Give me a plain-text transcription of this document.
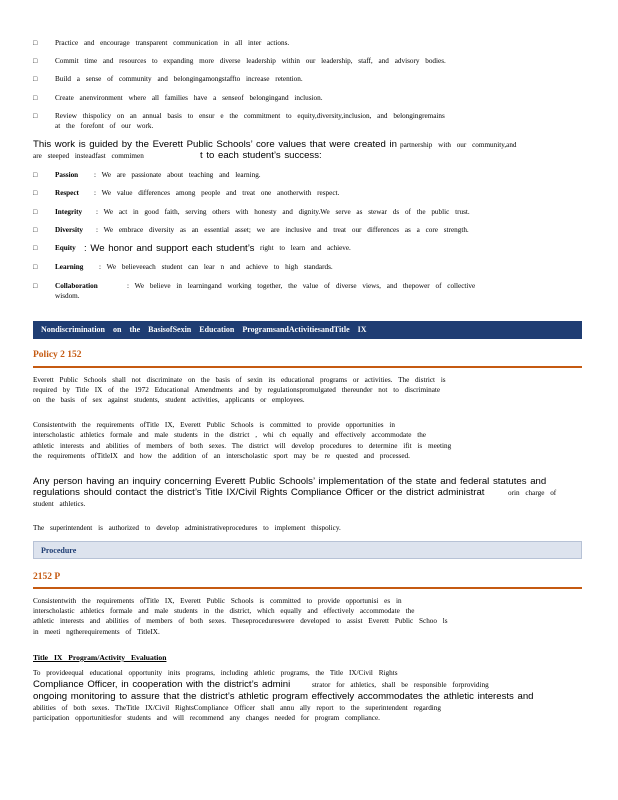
□	Practice and encourage transparent communication in all inter actions.
□	Commit time and resources to expanding more diverse leadership within our leadership, staff, and advisory bodies.
□	Build a sense of community and belongingamongstaffto increase retention.
□	Create anenvironment where all families have a senseof belongingand inclusion.
□	Review thispolicy on an annual basis to ensur e the commitment to equity,diversity,inclusion, and belongingremains
at the forefont of our work.
This work is guided by the Everett Public Schools’ core values that were created in partnership with our community,and
are steeped insteadfast commimen	t to each student’s success:
□	Passion : We are passionate about teaching and learning.
□	Respect : We value differences among people and treat one anotherwith respect.
□	Integrity : We act in good faith, serving others with honesty and dignity.We serve as stewar ds of the public trust.
□	Diversity : We embrace diversity as an essential asset; we are inclusive and treat our differences as a core strength.
□	Equity : We honor and support each student’s right to learn and achieve.
□	Learning : We believeeach student can lear n and achieve to high standards.
□	Collaboration	: We believe in learningand working together, the value of diverse views, and thepower of collective
wisdom.
Nondiscrimination on the BasisofSexin Education ProgramsandActivitiesandTitle IX
Policy 2 152
Everett Public Schools shall not discriminate on the basis of sexin its educational programs or activities. The district is
required by Title IX of the 1972 Educational Amendments and by regulationspromulgated thereunder not to discriminate
on the basis of sex against students, student activities, applicants or employees.
Consistentwith the requirements ofTitle IX, Everett Public Schools is committed to provide opportunities in
interscholastic athletics formale and male students in the district , whi ch equally and effectively accommodate the
athletic interests and abilities of members of both sexes. The district will develop procedures to determine ifit is meeting
the requirements ofTitleIX and how the addition of an interscholastic sport may be re quested and processed.
Any person having an inquiry concerning Everett Public Schools’ implementation of the state and federal statutes and
regulations should contact the district’s Title IX/Civil Rights Compliance Officer or the district administrat	orin charge of
student athletics.
The superintendent is authorized to develop administrativeprocedures to implement thispolicy.
Procedure
2152 P
Consistentwith the requirements ofTitle IX, Everett Public Schools is committed to provide opportunisi es in
interscholastic athletics formale and male students in the district, which equally and effectively accommodate the
athletic interests and abilities of members of both sexes. Theseprocedureswere developed to assist Everett Public Schoo ls
in meeti ngtherequirements of TitleIX.
Title IX Program/Activity Evaluation
To provideequal educational opportunity inits programs, including athletic programs, the Title IX/Civil Rights
Compliance Officer, in cooperation with the district’s admini	strator for athletics, shall be responsible forproviding
ongoing monitoring to assure that the district’s athletic program effectively accommodates the athletic interests and
abilities of both sexes. TheTitle IX/Civil RightsCompliance Officer shall annu ally report to the superintendent regarding
participation opportunitiesfor students and will recommend any changes needed for program compliance.
